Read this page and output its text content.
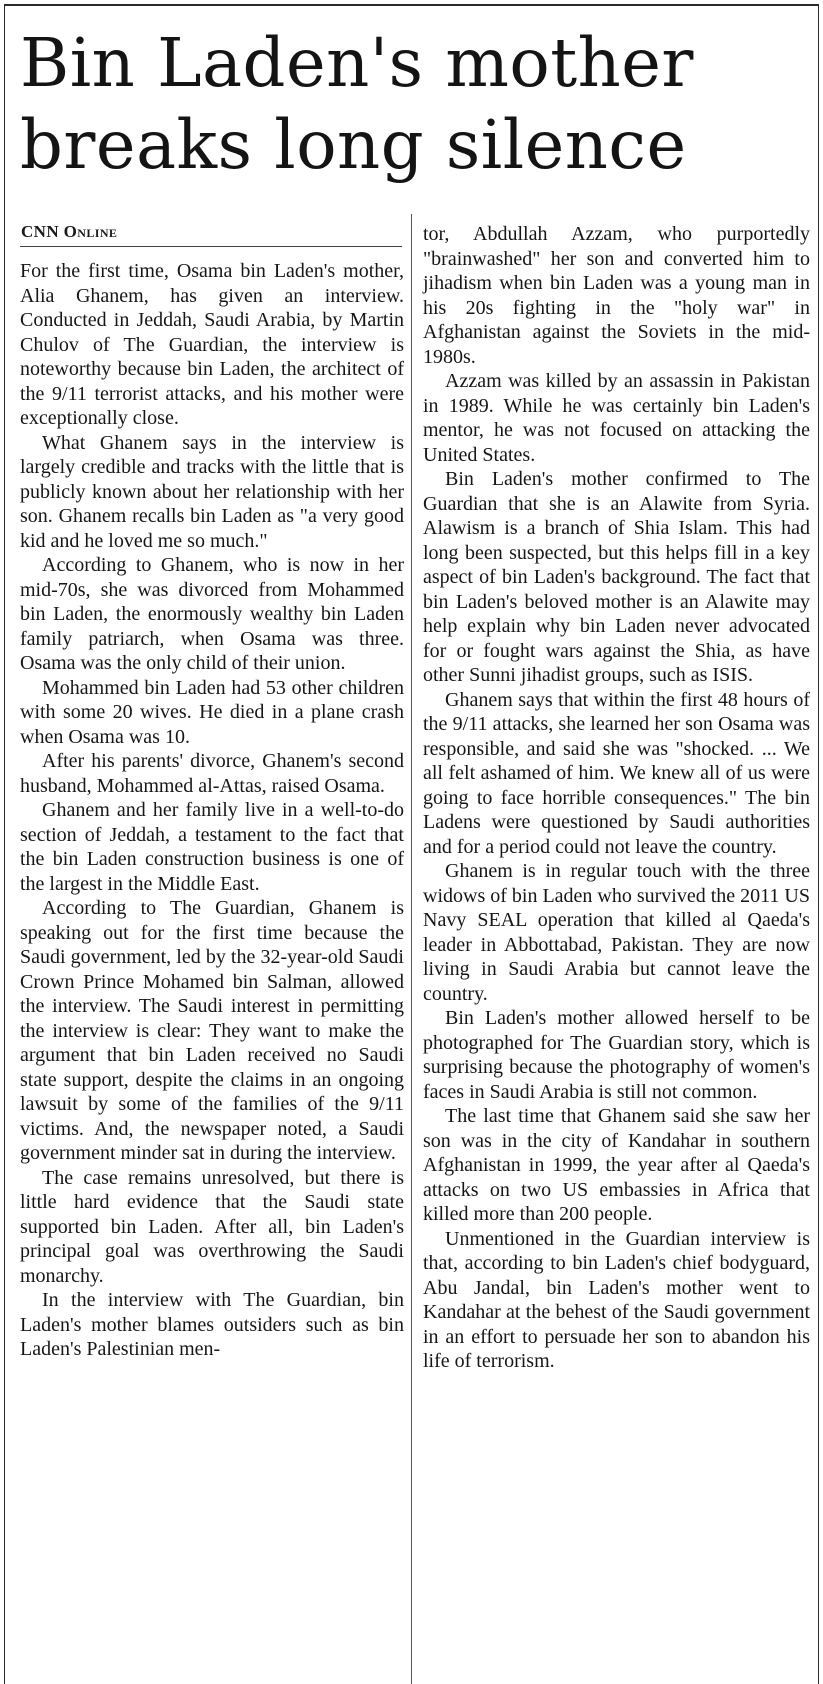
Bin Laden's mother breaks long silence

CNN Online

For the first time, Osama bin Laden's mother, Alia Ghanem, has given an interview. Conducted in Jeddah, Saudi Arabia, by Martin Chulov of The Guardian, the interview is noteworthy because bin Laden, the architect of the 9/11 terrorist attacks, and his mother were exceptionally close.

What Ghanem says in the interview is largely credible and tracks with the little that is publicly known about her relationship with her son. Ghanem recalls bin Laden as "a very good kid and he loved me so much."

According to Ghanem, who is now in her mid-70s, she was divorced from Mohammed bin Laden, the enormously wealthy bin Laden family patriarch, when Osama was three. Osama was the only child of their union.

Mohammed bin Laden had 53 other children with some 20 wives. He died in a plane crash when Osama was 10.

After his parents' divorce, Ghanem's second husband, Mohammed al-Attas, raised Osama.

Ghanem and her family live in a well-to-do section of Jeddah, a testament to the fact that the bin Laden construction business is one of the largest in the Middle East.

According to The Guardian, Ghanem is speaking out for the first time because the Saudi government, led by the 32-year-old Saudi Crown Prince Mohamed bin Salman, allowed the interview. The Saudi interest in permitting the interview is clear: They want to make the argument that bin Laden received no Saudi state support, despite the claims in an ongoing lawsuit by some of the families of the 9/11 victims. And, the newspaper noted, a Saudi government minder sat in during the interview.

The case remains unresolved, but there is little hard evidence that the Saudi state supported bin Laden. After all, bin Laden's principal goal was overthrowing the Saudi monarchy.

In the interview with The Guardian, bin Laden's mother blames outsiders such as bin Laden's Palestinian men-

tor, Abdullah Azzam, who purportedly "brainwashed" her son and converted him to jihadism when bin Laden was a young man in his 20s fighting in the "holy war" in Afghanistan against the Soviets in the mid-1980s.

Azzam was killed by an assassin in Pakistan in 1989. While he was certainly bin Laden's mentor, he was not focused on attacking the United States.

Bin Laden's mother confirmed to The Guardian that she is an Alawite from Syria. Alawism is a branch of Shia Islam. This had long been suspected, but this helps fill in a key aspect of bin Laden's background. The fact that bin Laden's beloved mother is an Alawite may help explain why bin Laden never advocated for or fought wars against the Shia, as have other Sunni jihadist groups, such as ISIS.

Ghanem says that within the first 48 hours of the 9/11 attacks, she learned her son Osama was responsible, and said she was "shocked. ... We all felt ashamed of him. We knew all of us were going to face horrible consequences." The bin Ladens were questioned by Saudi authorities and for a period could not leave the country.

Ghanem is in regular touch with the three widows of bin Laden who survived the 2011 US Navy SEAL operation that killed al Qaeda's leader in Abbottabad, Pakistan. They are now living in Saudi Arabia but cannot leave the country.

Bin Laden's mother allowed herself to be photographed for The Guardian story, which is surprising because the photography of women's faces in Saudi Arabia is still not common.

The last time that Ghanem said she saw her son was in the city of Kandahar in southern Afghanistan in 1999, the year after al Qaeda's attacks on two US embassies in Africa that killed more than 200 people.

Unmentioned in the Guardian interview is that, according to bin Laden's chief bodyguard, Abu Jandal, bin Laden's mother went to Kandahar at the behest of the Saudi government in an effort to persuade her son to abandon his life of terrorism.
